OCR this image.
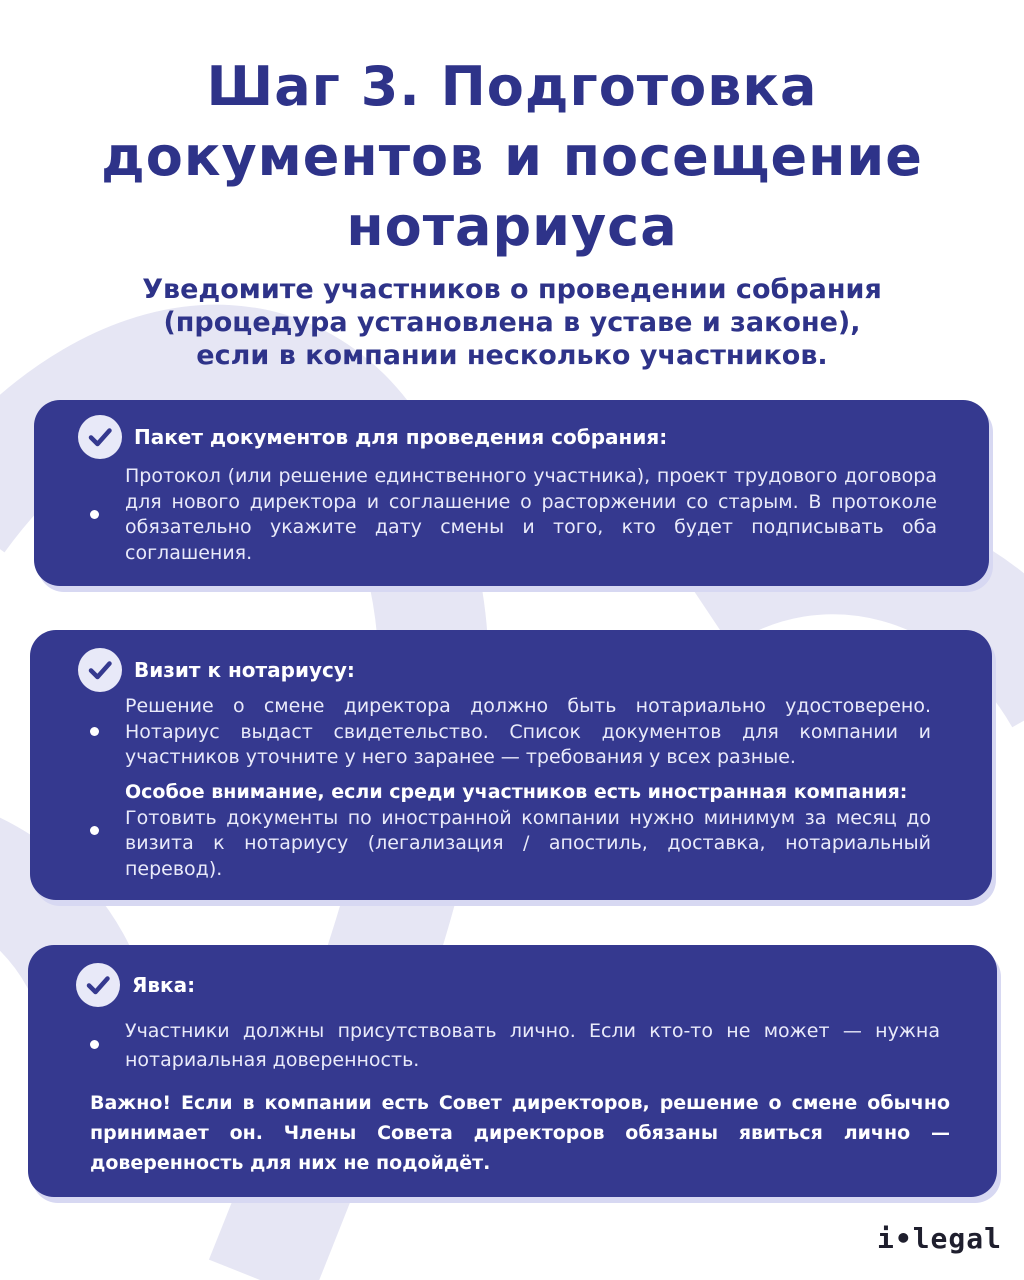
Шаг 3. Подготовка
документов и посещение
нотариуса
Уведомите участников о проведении собрания
(процедура установлена в уставе и законе),
если в компании несколько участников.
Пакет документов для проведения собрания:
Протокол (или решение единственного участника), проект трудового договора для нового директора и соглашение о расторжении со старым. В протоколе обязательно укажите дату смены и того, кто будет подписывать оба соглашения.
Визит к нотариусу:
Решение о смене директора должно быть нотариально удостоверено. Нотариус выдаст свидетельство. Список документов для компании и участников уточните у него заранее — требования у всех разные.
Особое внимание, если среди участников есть иностранная компания:
Готовить документы по иностранной компании нужно минимум за месяц до визита к нотариусу (легализация / апостиль, доставка, нотариальный перевод).
Явка:
Участники должны присутствовать лично. Если кто-то не может — нужна нотариальная доверенность.
Важно! Если в компании есть Совет директоров, решение о смене обычно принимает он. Члены Совета директоров обязаны явиться лично — доверенность для них не подойдёт.
i•legal
